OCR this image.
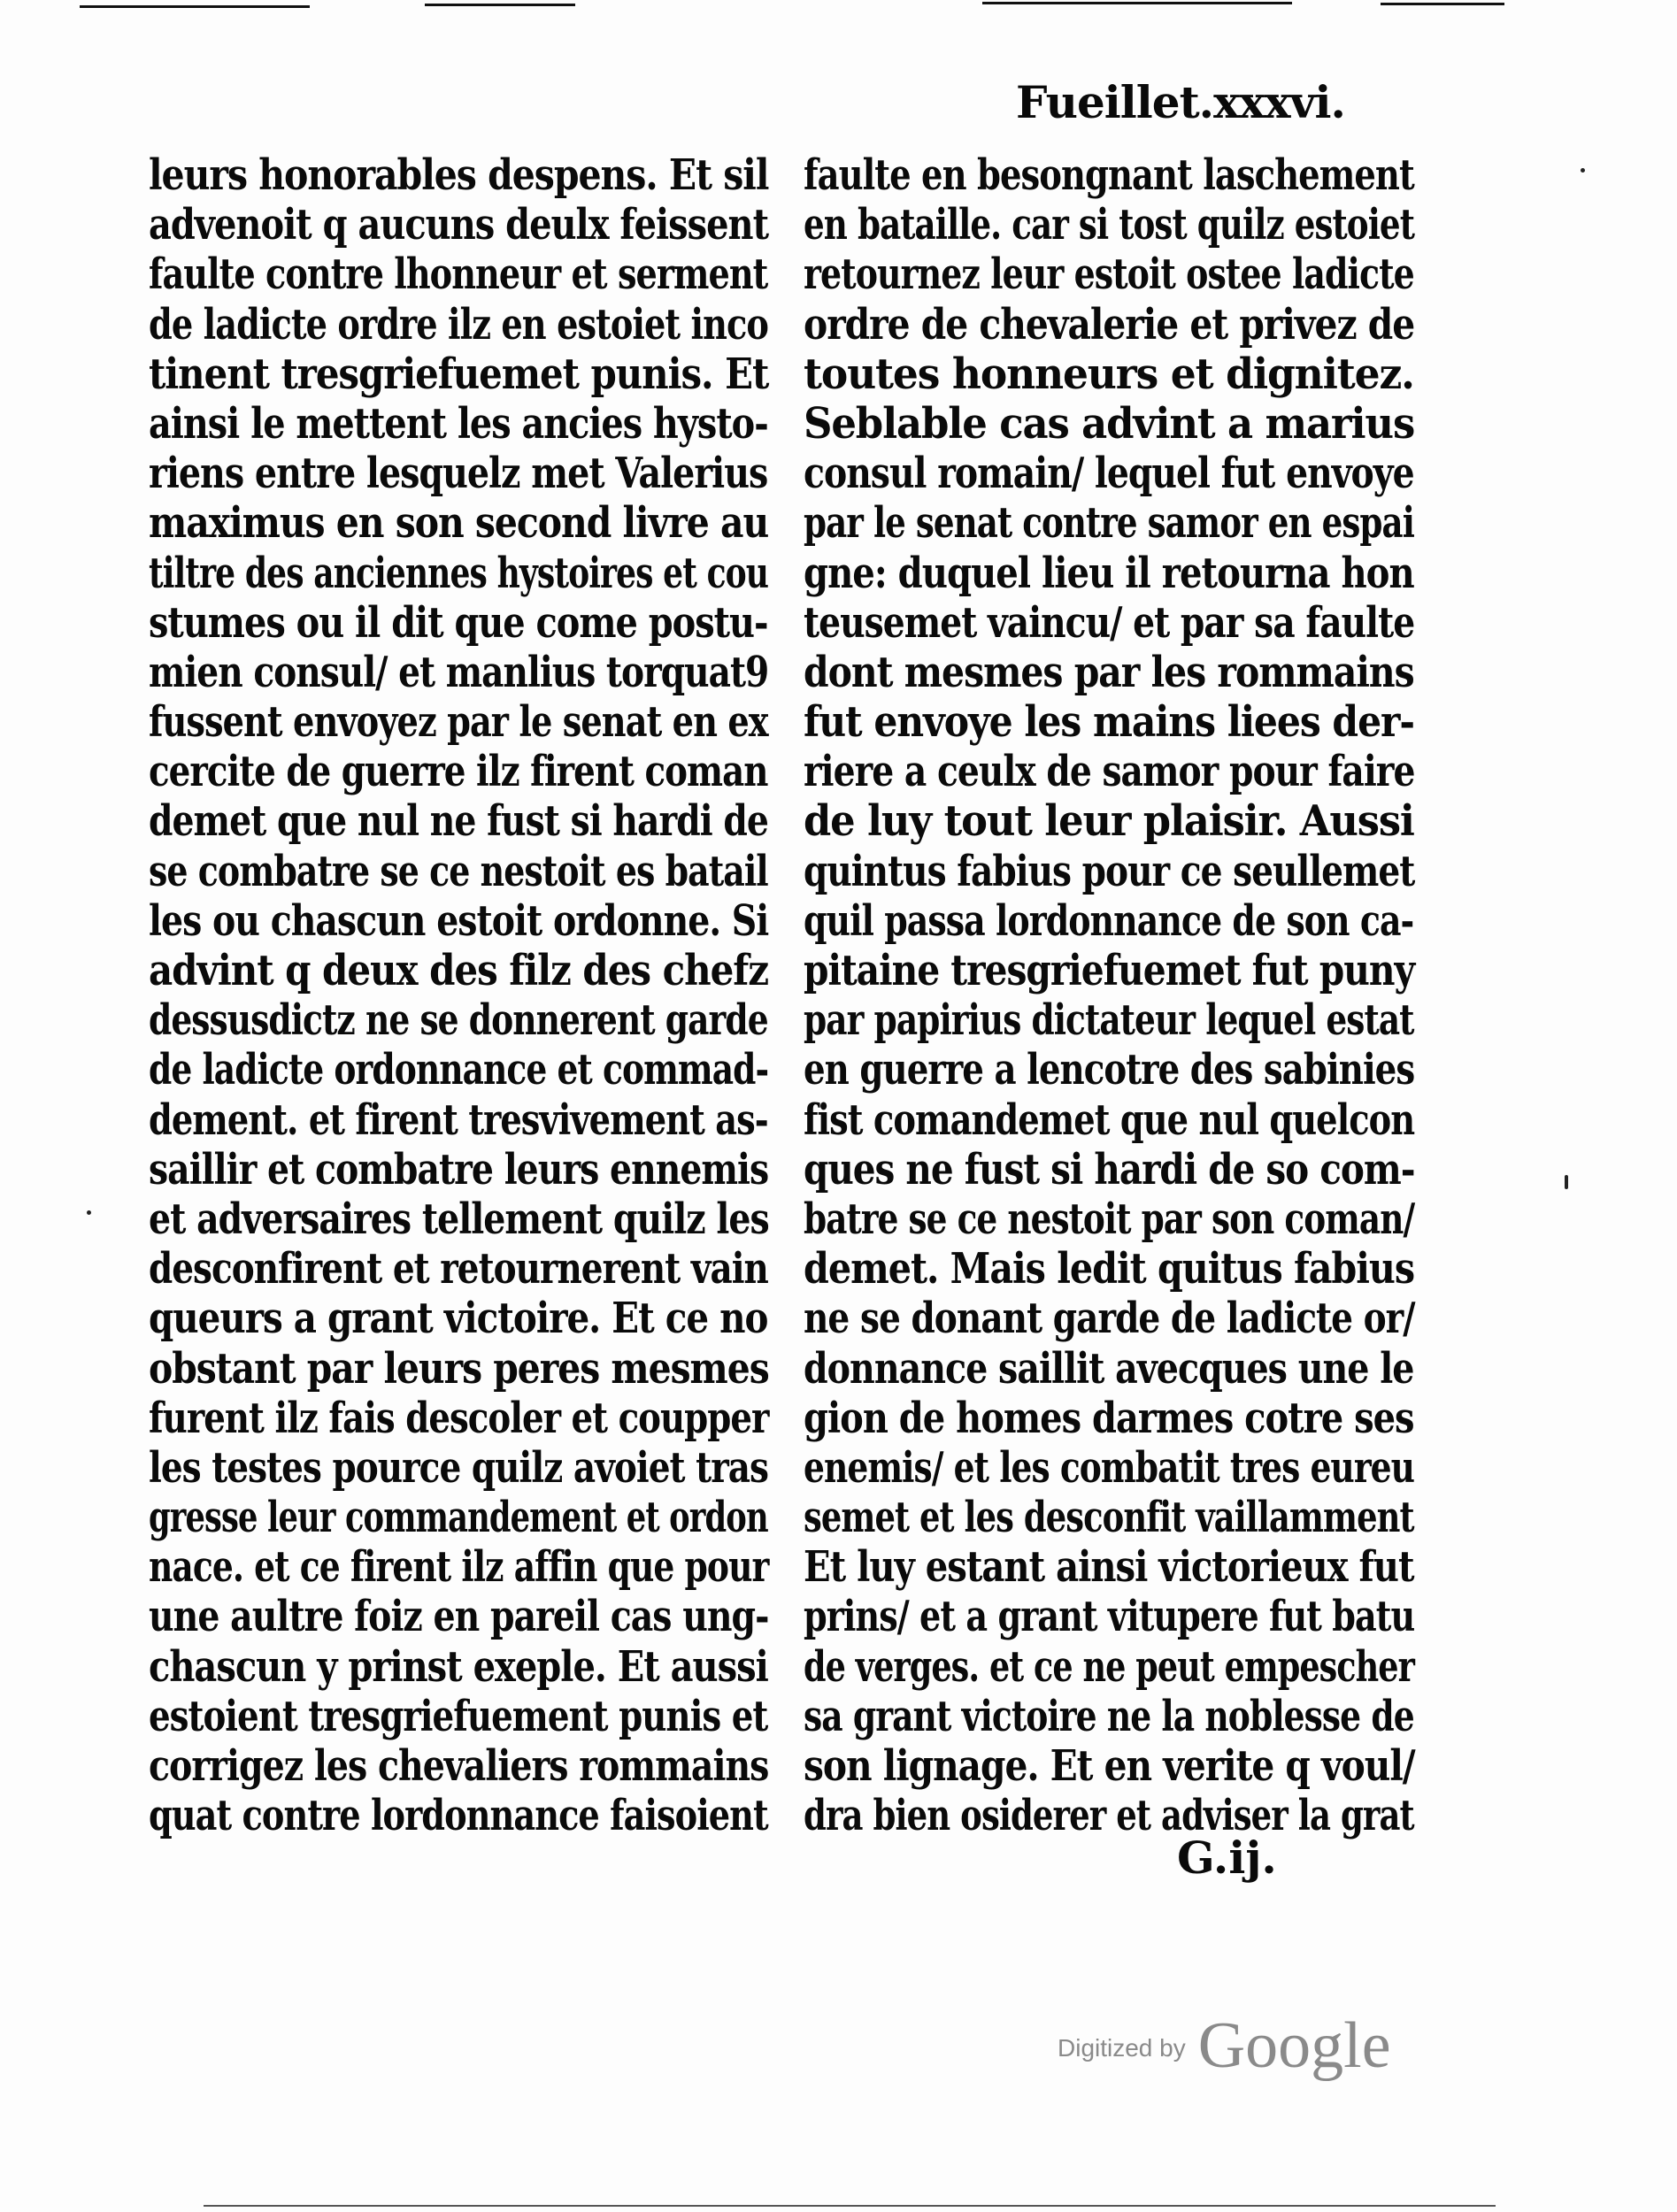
Fueillet.xxxvi.
leurs honorables despens. Et sil
advenoit q aucuns deulx feissent
faulte contre lhonneur et serment
de ladicte ordre ilz en estoiet inco
tinent tresgriefuemet punis. Et
ainsi le mettent les ancies hysto-
riens entre lesquelz met Valerius
maximus en son second livre au
tiltre des anciennes hystoires et cou
stumes ou il dit que come postu-
mien consul/ et manlius torquat9
fussent envoyez par le senat en ex
cercite de guerre ilz firent coman
demet que nul ne fust si hardi de
se combatre se ce nestoit es batail
les ou chascun estoit ordonne. Si
advint q deux des filz des chefz
dessusdictz ne se donnerent garde
de ladicte ordonnance et commad-
dement. et firent tresvivement as-
saillir et combatre leurs ennemis
et adversaires tellement quilz les
desconfirent et retournerent vain
queurs a grant victoire. Et ce no
obstant par leurs peres mesmes
furent ilz fais descoler et coupper
les testes pource quilz avoiet tras
gresse leur commandement et ordon
nace. et ce firent ilz affin que pour
une aultre foiz en pareil cas ung-
chascun y prinst exeple. Et aussi
estoient tresgriefuement punis et
corrigez les chevaliers rommains
quat contre lordonnance faisoient
faulte en besongnant laschement
en bataille. car si tost quilz estoiet
retournez leur estoit ostee ladicte
ordre de chevalerie et privez de
toutes honneurs et dignitez.
Seblable cas advint a marius
consul romain/ lequel fut envoye
par le senat contre samor en espai
gne: duquel lieu il retourna hon
teusemet vaincu/ et par sa faulte
dont mesmes par les rommains
fut envoye les mains liees der-
riere a ceulx de samor pour faire
de luy tout leur plaisir. Aussi
quintus fabius pour ce seullemet
quil passa lordonnance de son ca-
pitaine tresgriefuemet fut puny
par papirius dictateur lequel estat
en guerre a lencotre des sabinies
fist comandemet que nul quelcon
ques ne fust si hardi de so com-
batre se ce nestoit par son coman/
demet. Mais ledit quitus fabius
ne se donant garde de ladicte or/
donnance saillit avecques une le
gion de homes darmes cotre ses
enemis/ et les combatit tres eureu
semet et les desconfit vaillamment
Et luy estant ainsi victorieux fut
prins/ et a grant vitupere fut batu
de verges. et ce ne peut empescher
sa grant victoire ne la noblesse de
son lignage. Et en verite q voul/
dra bien osiderer et adviser la grat
G.ij.
Digitized by Google
